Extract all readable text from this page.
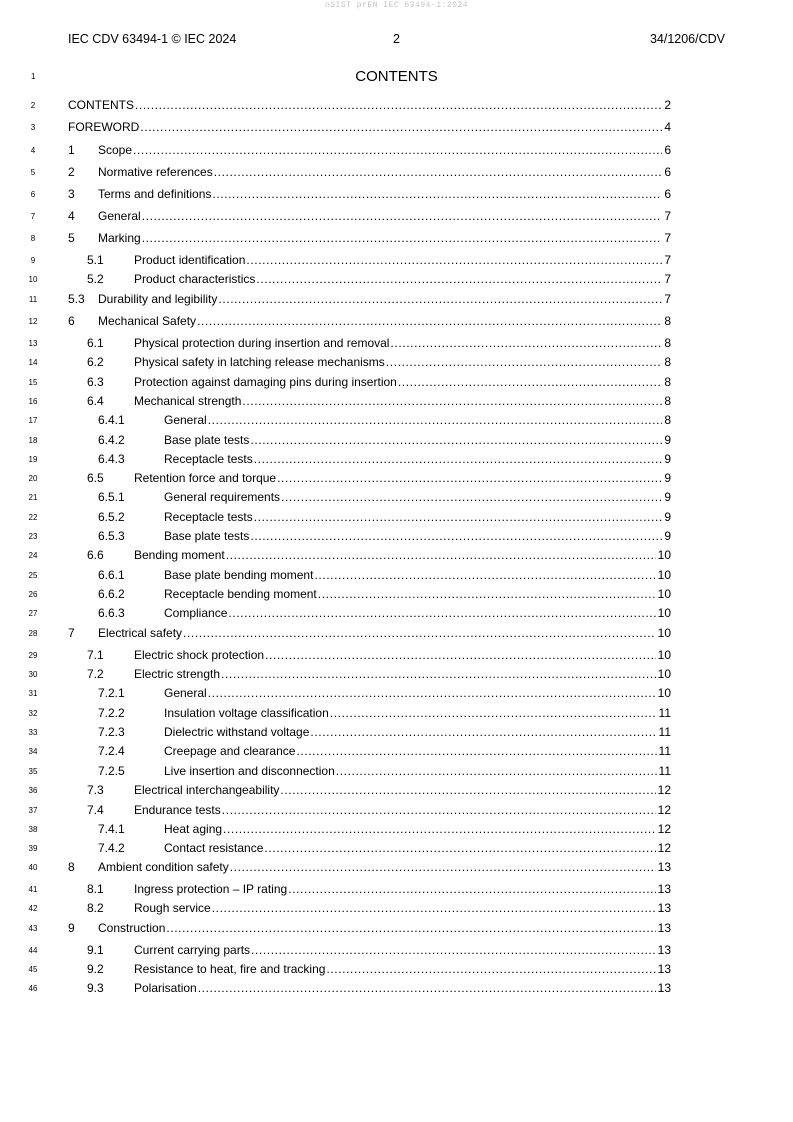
oSIST prEN IEC 63494-1:2024
IEC CDV 63494-1 © IEC 2024	2	34/1206/CDV
1	CONTENTS
2	CONTENTS .....	2
3	FOREWORD .....	4
4	1 Scope .....	6
5	2 Normative references .....	6
6	3 Terms and definitions .....	6
7	4 General .....	7
8	5 Marking .....	7
9	5.1	Product identification .....	7
10	5.2	Product characteristics .....	7
11	5.3 Durability and legibility .....	7
12	6 Mechanical Safety .....	8
13	6.1	Physical protection during insertion and removal .....	8
14	6.2	Physical safety in latching release mechanisms .....	8
15	6.3	Protection against damaging pins during insertion .....	8
16	6.4	Mechanical strength .....	8
17	6.4.1	General .....	8
18	6.4.2	Base plate tests .....	9
19	6.4.3	Receptacle tests .....	9
20	6.5	Retention force and torque .....	9
21	6.5.1	General requirements .....	9
22	6.5.2	Receptacle tests .....	9
23	6.5.3	Base plate tests .....	9
24	6.6	Bending moment .....	10
25	6.6.1	Base plate bending moment .....	10
26	6.6.2	Receptacle bending moment .....	10
27	6.6.3	Compliance .....	10
28	7 Electrical safety .....	10
29	7.1	Electric shock protection .....	10
30	7.2	Electric strength .....	10
31	7.2.1	General .....	10
32	7.2.2	Insulation voltage classification .....	11
33	7.2.3	Dielectric withstand voltage .....	11
34	7.2.4	Creepage and clearance .....	11
35	7.2.5	Live insertion and disconnection .....	11
36	7.3	Electrical interchangeability .....	12
37	7.4	Endurance tests .....	12
38	7.4.1	Heat aging .....	12
39	7.4.2	Contact resistance .....	12
40	8 Ambient condition safety .....	13
41	8.1	Ingress protection – IP rating .....	13
42	8.2	Rough service .....	13
43	9 Construction .....	13
44	9.1	Current carrying parts .....	13
45	9.2	Resistance to heat, fire and tracking .....	13
46	9.3	Polarisation .....	13
